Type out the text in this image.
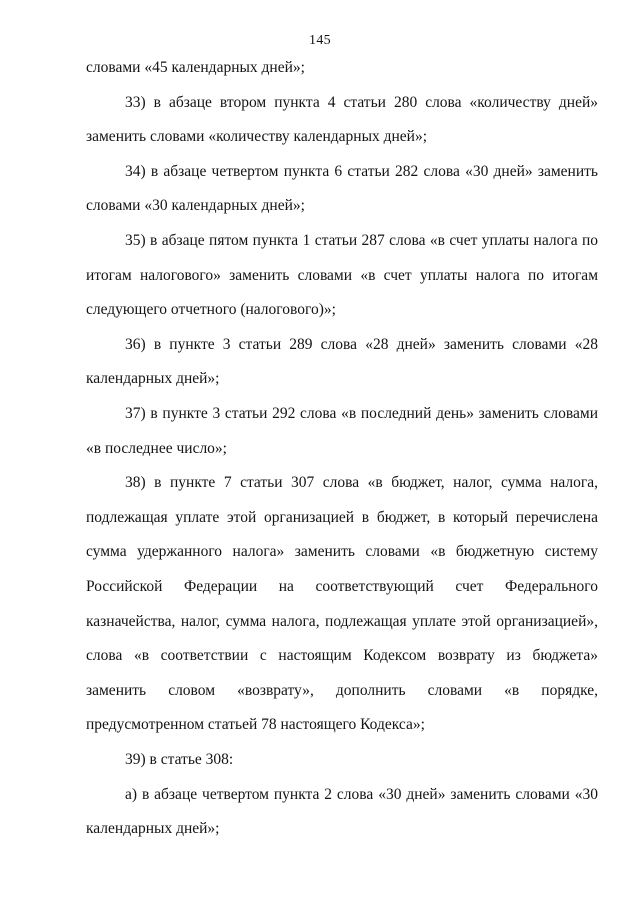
145
словами «45 календарных дней»;
33) в абзаце втором пункта 4 статьи 280 слова «количеству дней»
заменить словами «количеству календарных дней»;
34) в абзаце четвертом пункта 6 статьи 282 слова «30 дней» заменить
словами «30 календарных дней»;
35) в абзаце пятом пункта 1 статьи 287 слова «в счет уплаты налога по
итогам налогового» заменить словами «в счет уплаты налога по итогам
следующего отчетного (налогового)»;
36) в пункте 3 статьи 289 слова «28 дней» заменить словами «28
календарных дней»;
37) в пункте 3 статьи 292 слова «в последний день» заменить словами
«в последнее число»;
38) в пункте 7 статьи 307 слова «в бюджет, налог, сумма налога,
подлежащая уплате этой организацией в бюджет, в который перечислена
сумма удержанного налога» заменить словами «в бюджетную систему
Российской Федерации на соответствующий счет Федерального
казначейства, налог, сумма налога, подлежащая уплате этой организацией»,
слова «в соответствии с настоящим Кодексом возврату из бюджета»
заменить словом «возврату», дополнить словами «в порядке,
предусмотренном статьей 78 настоящего Кодекса»;
39) в статье 308:
а) в абзаце четвертом пункта 2 слова «30 дней» заменить словами «30
календарных дней»;
